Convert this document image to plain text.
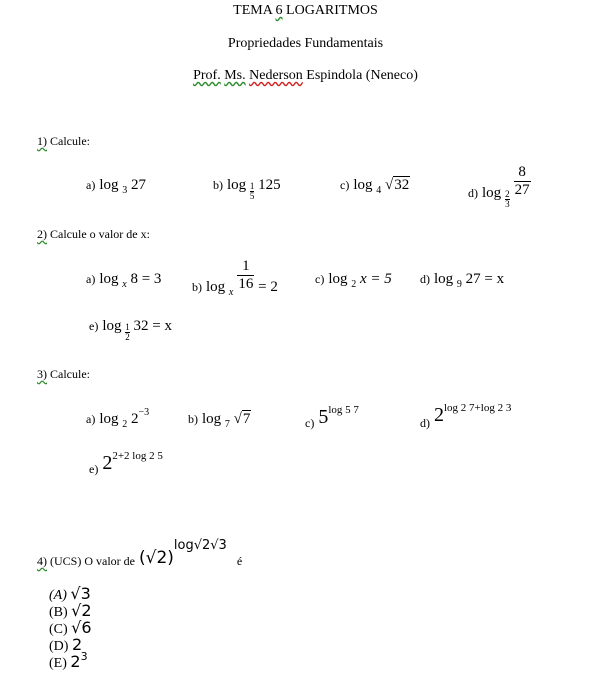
TEMA 6 LOGARITMOS
Propriedades Fundamentais
Prof. Ms. Nederson Espindola (Neneco)
1) Calcule:
a) log $_3$ 27	b) $\log \frac{1}{5} 125$	c) log $_4$ √32
$_{d)}$ $\log \frac{2}{3}$

$\frac{8}{27}$
2) Calcule o valor de x:
a) log $_x$ 8 = 3
$_{b)}$ $\log _x \frac{1}{16} = 2$
c) log $_2$ x = 5 d) log $_9$ 27 = x
e) $\log \frac{1}{2} 32 = x$
3) Calcule:
a) log $_2$ $2^{-3}$	b) log $_7$ √7	$_{c)}$ $5^{log 5 7}$
$_{d)}$ $2^{log 2 7+log 2 3}$
$_{e)}$ $2^{2+2 log 2 5}$
$_{4) (UCS) O valor de}$ (√2)log√2√3 $_é$
(A) √3
(B) √2
(C) √6
(D) 2
(E) $2^3$
